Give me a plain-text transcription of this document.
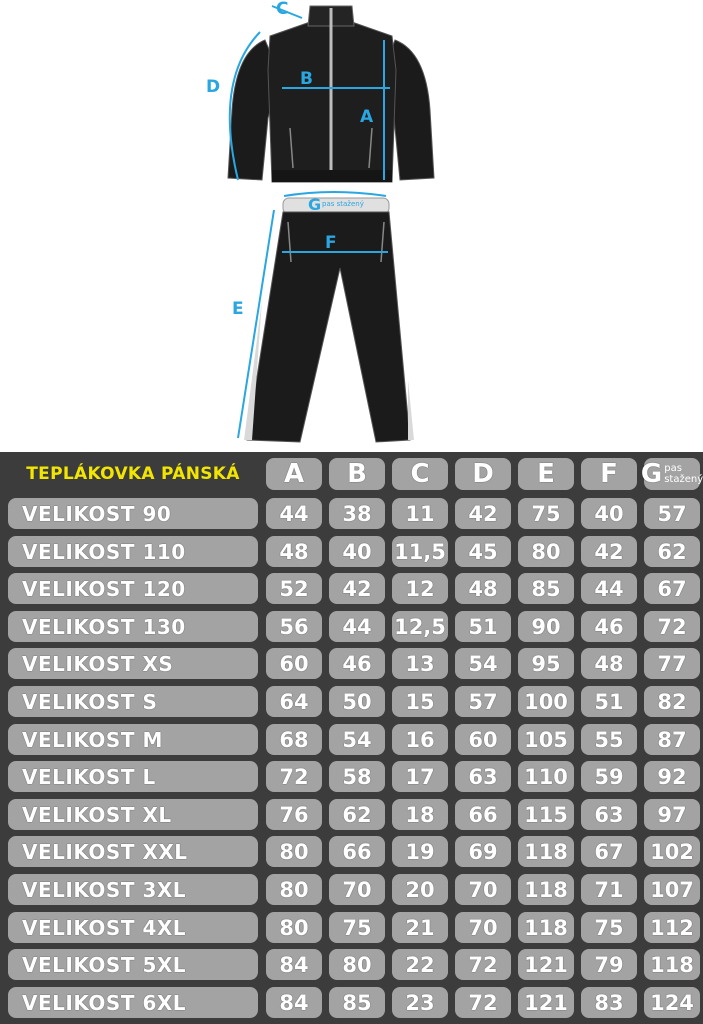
C
D	B
A
G pas stažený
F
E
TEPLÁKOVKA PÁNSKÁ	A	B	C	D	E	F G pas
stažený
VELIKOST 90	44	38	11	42	75	40	57
VELIKOST 110	48	40	11,5	45	80	42	62
VELIKOST 120	52	42	12	48	85	44	67
VELIKOST 130	56	44	12,5	51	90	46	72
VELIKOST XS	60	46	13	54	95	48	77
VELIKOST S	64	50	15	57	100	51	82
VELIKOST M	68	54	16	60	105	55	87
VELIKOST L	72	58	17	63	110	59	92
VELIKOST XL	76	62	18	66	115	63	97
VELIKOST XXL	80	66	19	69	118	67	102
VELIKOST 3XL	80	70	20	70	118	71	107
VELIKOST 4XL	80	75	21	70	118	75	112
VELIKOST 5XL	84	80	22	72	121	79	118
VELIKOST 6XL	84	85	23	72	121	83	124
